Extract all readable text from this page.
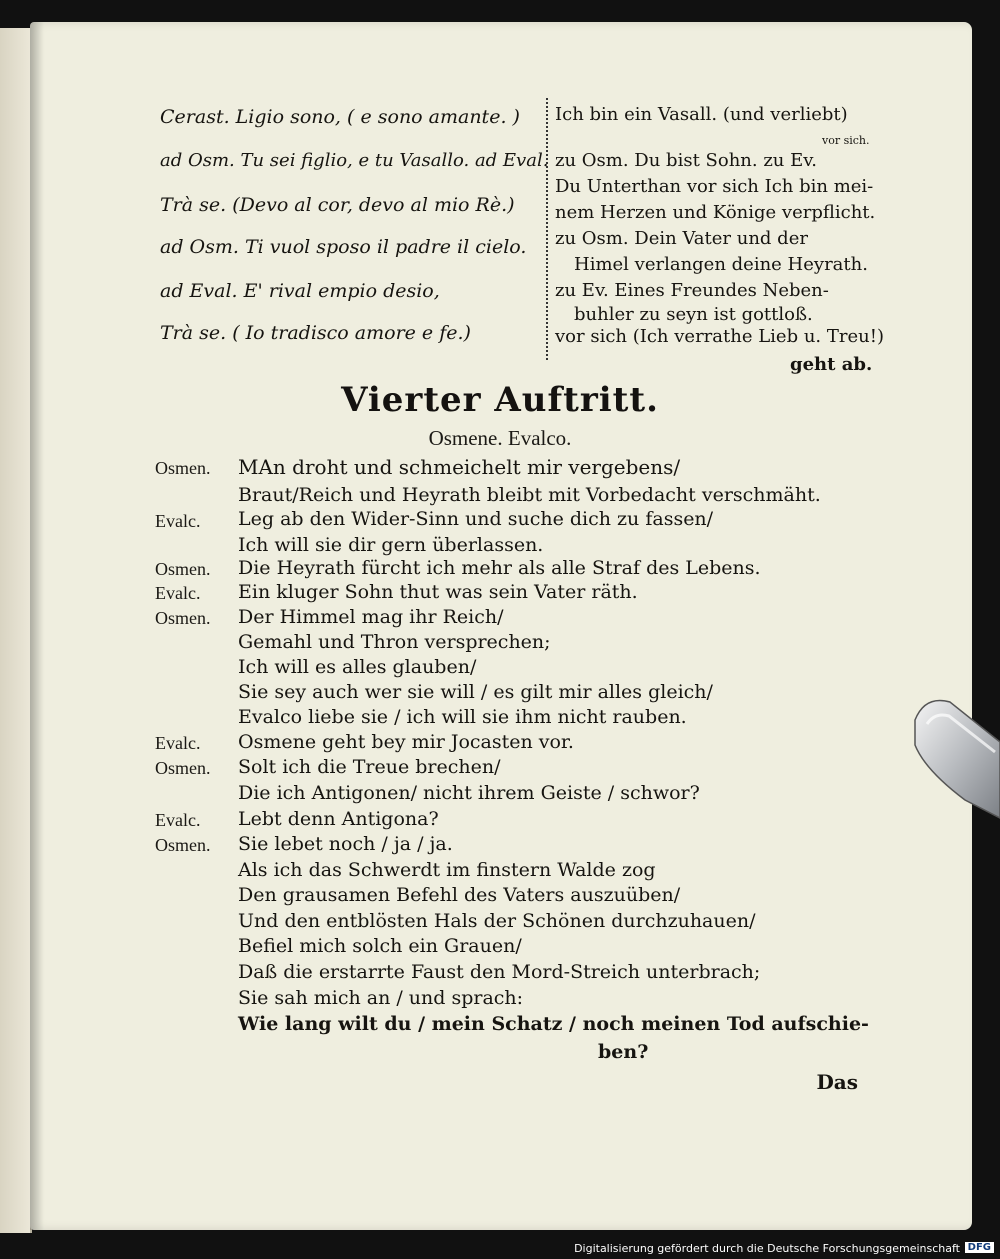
Cerast. Ligio sono, ( e sono amante. ) Ich bin ein Vasall. (und verliebt)
vor sich.
ad Osm. Tu sei figlio, e tu Vasallo. ad Eval. zu Osm. Du bist Sohn. zu Ev.
Trà se. (Devo al cor, devo al mio Rè.)
Du Unterthan vor sich Ich bin mei-
nem Herzen und Könige verpflicht.
ad Osm. Ti vuol sposo il padre il cielo. zu Osm. Dein Vater und der
Himel verlangen deine Heyrath.
ad Eval. E' rival empio desio,	zu Ev. Eines Freundes Neben-
buhler zu seyn ist gottloß.
Trà se. ( Io tradisco amore e fe.)	vor sich (Ich verrathe Lieb u. Treu!)
geht ab.
Vierter Auftritt.
Osmene. Evalco.
Osmen. MAn droht und schmeichelt mir vergebens/
Braut/Reich und Heyrath bleibt mit Vorbedacht verschmäht.
Evalc. Leg ab den Wider-Sinn und suche dich zu fassen/
Ich will sie dir gern überlassen.
Osmen. Die Heyrath fürcht ich mehr als alle Straf des Lebens.
Evalc. Ein kluger Sohn thut was sein Vater räth.
Osmen. Der Himmel mag ihr Reich/
Gemahl und Thron versprechen;
Ich will es alles glauben/
Sie sey auch wer sie will / es gilt mir alles gleich/
Evalco liebe sie / ich will sie ihm nicht rauben.
Evalc. Osmene geht bey mir Jocasten vor.
Osmen. Solt ich die Treue brechen/
Die ich Antigonen/ nicht ihrem Geiste / schwor?
Evalc. Lebt denn Antigona?
Osmen. Sie lebet noch / ja / ja.
Als ich das Schwerdt im finstern Walde zog
Den grausamen Befehl des Vaters auszuüben/
Und den entblösten Hals der Schönen durchzuhauen/
Befiel mich solch ein Grauen/
Daß die erstarrte Faust den Mord-Streich unterbrach;
Sie sah mich an / und sprach:
Wie lang wilt du / mein Schatz / noch meinen Tod aufschie-
ben?
Das
Digitalisierung gefördert durch die Deutsche Forschungsgemeinschaft DFG
